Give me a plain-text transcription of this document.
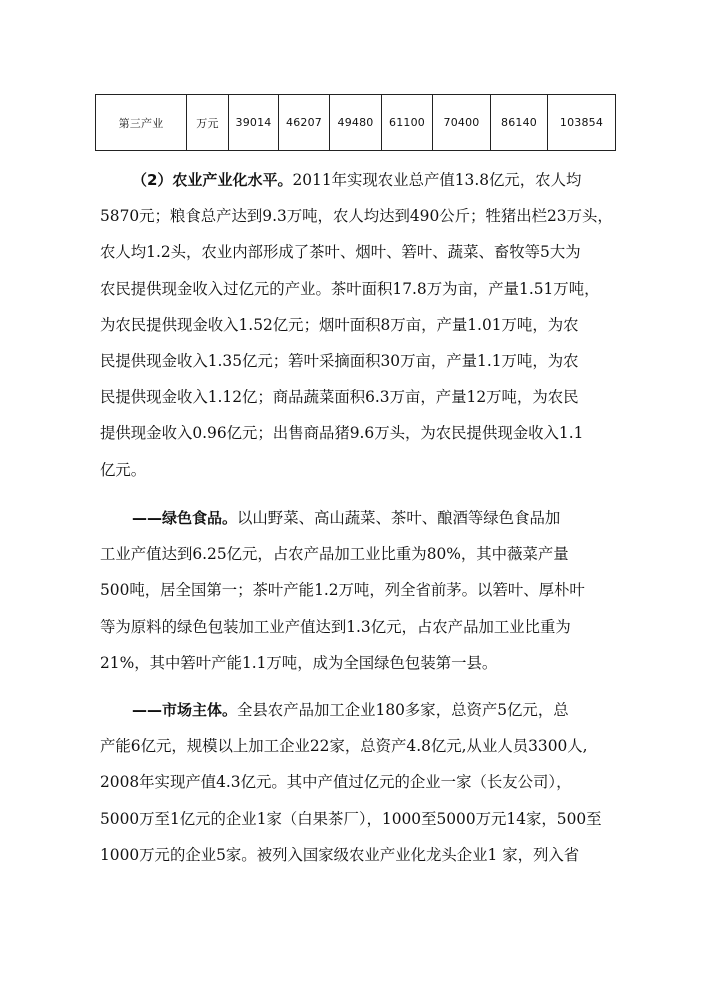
第三产业	万元	39014	46207	49480	61100	70400	86140	103854
（2）农业产业化水平。2011年实现农业总产值13.8亿元，农人均
5870元；粮食总产达到9.3万吨，农人均达到490公斤；牲猪出栏23万头，
农人均1.2头，农业内部形成了茶叶、烟叶、箬叶、蔬菜、畜牧等5大为
农民提供现金收入过亿元的产业。茶叶面积17.8万为亩，产量1.51万吨，
为农民提供现金收入1.52亿元；烟叶面积8万亩，产量1.01万吨，为农
民提供现金收入1.35亿元；箬叶采摘面积30万亩，产量1.1万吨，为农
民提供现金收入1.12亿；商品蔬菜面积6.3万亩，产量12万吨，为农民
提供现金收入0.96亿元；出售商品猪9.6万头，为农民提供现金收入1.1
亿元。
——绿色食品。以山野菜、高山蔬菜、茶叶、酿酒等绿色食品加
工业产值达到6.25亿元，占农产品加工业比重为80%，其中薇菜产量
500吨，居全国第一；茶叶产能1.2万吨，列全省前茅。以箬叶、厚朴叶
等为原料的绿色包装加工业产值达到1.3亿元，占农产品加工业比重为
21%，其中箬叶产能1.1万吨，成为全国绿色包装第一县。
——市场主体。全县农产品加工企业180多家，总资产5亿元，总
产能6亿元，规模以上加工企业22家，总资产4.8亿元,从业人员3300人,
2008年实现产值4.3亿元。其中产值过亿元的企业一家（长友公司），
5000万至1亿元的企业1家（白果茶厂），1000至5000万元14家，500至
1000万元的企业5家。被列入国家级农业产业化龙头企业1 家，列入省
